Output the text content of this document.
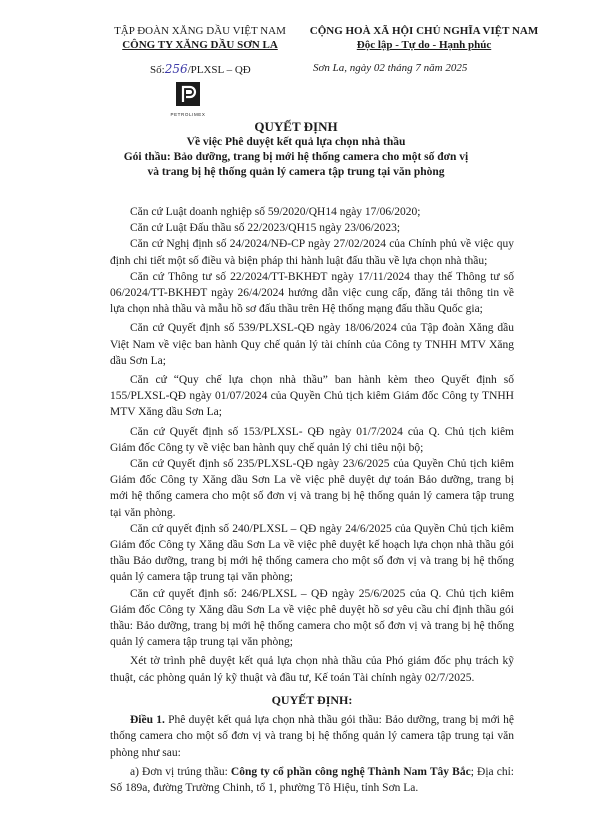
TẬP ĐOÀN XĂNG DẦU VIỆT NAM
CÔNG TY XĂNG DẦU SƠN LA
CỘNG HOÀ XÃ HỘI CHỦ NGHĨA VIỆT NAM
Độc lập - Tự do - Hạnh phúc
Số:256/PLXSL – QĐ	Sơn La, ngày 02 tháng 7 năm 2025
PETROLIMEX
QUYẾT ĐỊNH
Về việc Phê duyệt kết quả lựa chọn nhà thầu
Gói thầu: Bảo dưỡng, trang bị mới hệ thống camera cho một số đơn vị
và trang bị hệ thống quản lý camera tập trung tại văn phòng

Căn cứ Luật doanh nghiệp số 59/2020/QH14 ngày 17/06/2020;

Căn cứ Luật Đấu thầu số 22/2023/QH15 ngày 23/06/2023;

Căn cứ Nghị định số 24/2024/NĐ-CP ngày 27/02/2024 của Chính phủ về việc quy định chi tiết một số điều và biện pháp thi hành luật đấu thầu về lựa chọn nhà thầu;

Căn cứ Thông tư số 22/2024/TT-BKHĐT ngày 17/11/2024 thay thế Thông tư số 06/2024/TT-BKHĐT ngày 26/4/2024 hướng dẫn việc cung cấp, đăng tải thông tin về lựa chọn nhà thầu và mẫu hồ sơ đấu thầu trên Hệ thống mạng đấu thầu Quốc gia;

Căn cứ Quyết định số 539/PLXSL-QĐ ngày 18/06/2024 của Tập đoàn Xăng dầu Việt Nam về việc ban hành Quy chế quản lý tài chính của Công ty TNHH MTV Xăng dầu Sơn La;

Căn cứ “Quy chế lựa chọn nhà thầu” ban hành kèm theo Quyết định số 155/PLXSL-QĐ ngày 01/07/2024 của Quyền Chủ tịch kiêm Giám đốc Công ty TNHH MTV Xăng dầu Sơn La;

Căn cứ Quyết định số 153/PLXSL- QĐ ngày 01/7/2024 của Q. Chủ tịch kiêm Giám đốc Công ty về việc ban hành quy chế quản lý chi tiêu nội bộ;

Căn cứ Quyết định số 235/PLXSL-QĐ ngày 23/6/2025 của Quyền Chủ tịch kiêm Giám đốc Công ty Xăng dầu Sơn La về việc phê duyệt dự toán Bảo dưỡng, trang bị mới hệ thống camera cho một số đơn vị và trang bị hệ thống quản lý camera tập trung tại văn phòng.

Căn cứ quyết định số 240/PLXSL – QĐ ngày 24/6/2025 của Quyền Chủ tịch kiêm Giám đốc Công ty Xăng dầu Sơn La về việc phê duyệt kế hoạch lựa chọn nhà thầu gói thầu Bảo dưỡng, trang bị mới hệ thống camera cho một số đơn vị và trang bị hệ thống quản lý camera tập trung tại văn phòng;

Căn cứ quyết định số: 246/PLXSL – QĐ ngày 25/6/2025 của Q. Chủ tịch kiêm Giám đốc Công ty Xăng dầu Sơn La về việc phê duyệt hồ sơ yêu cầu chỉ định thầu gói thầu: Bảo dưỡng, trang bị mới hệ thống camera cho một số đơn vị và trang bị hệ thống quản lý camera tập trung tại văn phòng;

Xét tờ trình phê duyệt kết quả lựa chọn nhà thầu của Phó giám đốc phụ trách kỹ thuật, các phòng quản lý kỹ thuật và đầu tư, Kế toán Tài chính ngày 02/7/2025.

QUYẾT ĐỊNH:

Điều 1. Phê duyệt kết quả lựa chọn nhà thầu gói thầu: Bảo dưỡng, trang bị mới hệ thống camera cho một số đơn vị và trang bị hệ thống quản lý camera tập trung tại văn phòng như sau:

a) Đơn vị trúng thầu: Công ty cổ phần công nghệ Thành Nam Tây Bắc; Địa chỉ: Số 189a, đường Trường Chinh, tổ 1, phường Tô Hiệu, tỉnh Sơn La.
